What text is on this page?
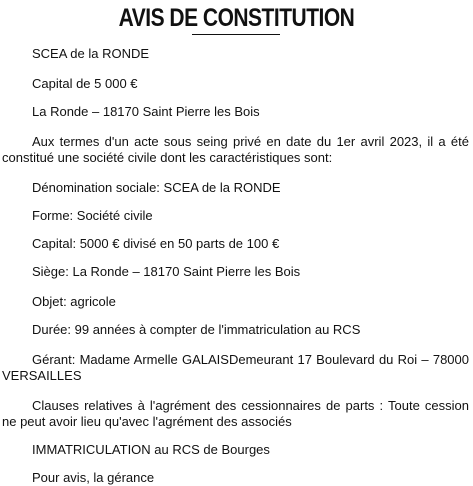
AVIS DE CONSTITUTION

SCEA de la RONDE

Capital de 5 000 €

La Ronde – 18170 Saint Pierre les Bois

Aux termes d'un acte sous seing privé en date du 1er avril 2023, il a été constitué une société civile dont les caractéristiques sont:

Dénomination sociale: SCEA de la RONDE

Forme: Société civile

Capital: 5000 € divisé en 50 parts de 100 €

Siège: La Ronde – 18170 Saint Pierre les Bois

Objet: agricole

Durée: 99 années à compter de l'immatriculation au RCS

Gérant: Madame Armelle GALAISDemeurant 17 Boulevard du Roi – 78000 VERSAILLES

Clauses relatives à l'agrément des cessionnaires de parts : Toute cession ne peut avoir lieu qu'avec l'agrément des associés

IMMATRICULATION au RCS de Bourges

Pour avis, la gérance
